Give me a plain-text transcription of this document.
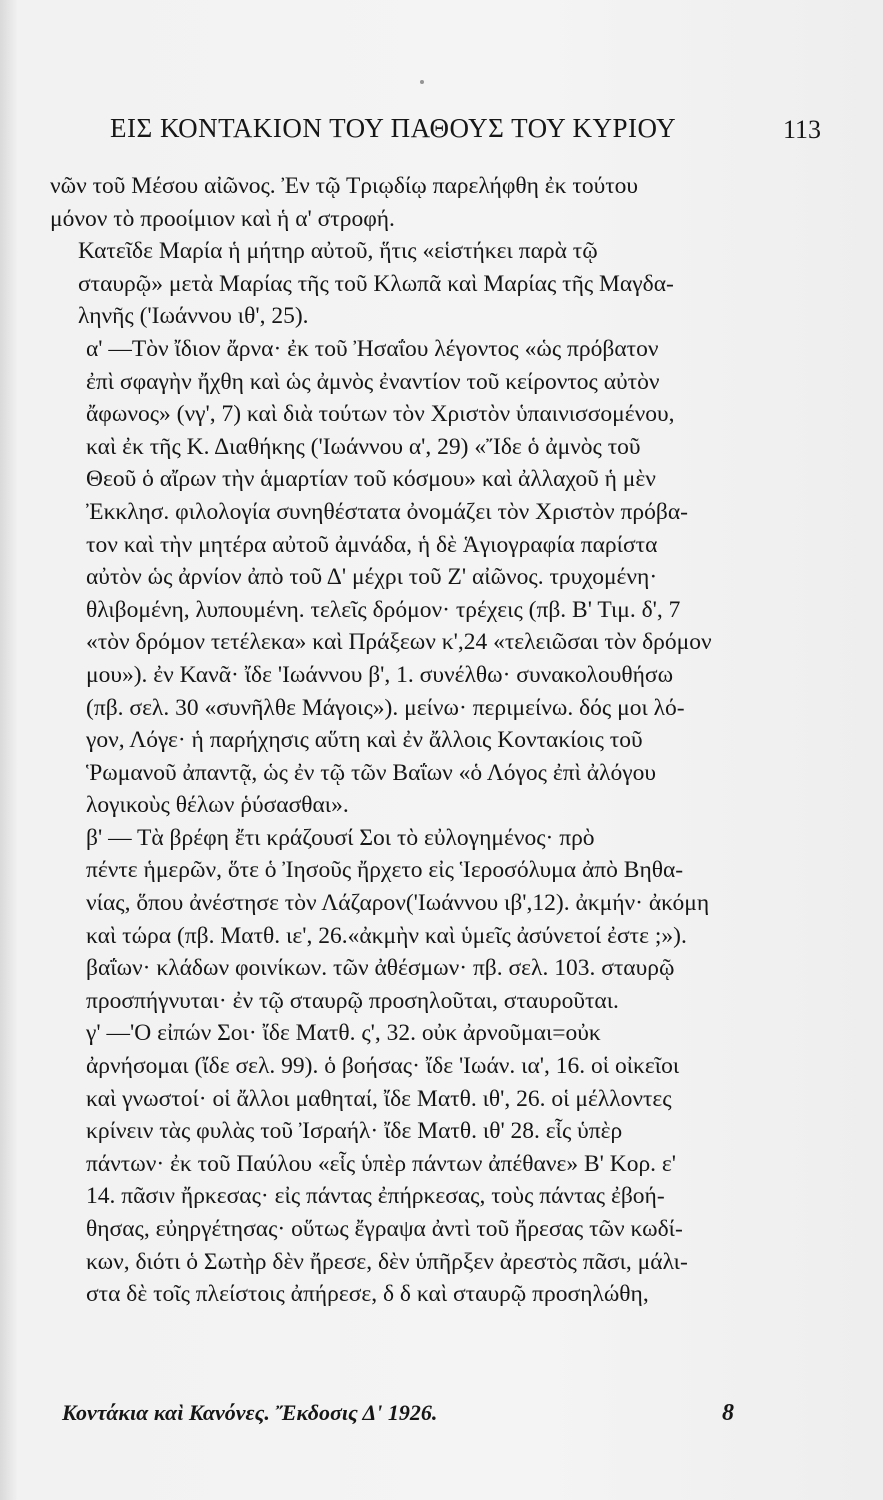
ΕΙΣ ΚΟΝΤΑΚΙΟΝ ΤΟΥ ΠΑΘΟΥΣ ΤΟΥ ΚΥΡΙΟΥ	113

νῶν τοῦ Μέσου αἰῶνος. Ἐν τῷ Τριῳδίῳ παρελήφθη ἐκ τούτου
μόνον τὸ προοίμιον καὶ ἡ α' στροφή.

Κατεῖδε Μαρία ἡ μήτηρ αὐτοῦ, ἥτις «εἱστήκει παρὰ τῷ
σταυρῷ» μετὰ Μαρίας τῆς τοῦ Κλωπᾶ καὶ Μαρίας τῆς Μαγδα-
ληνῆς ('Ιωάννου ιθ', 25).

α' —Τὸν ἴδιον ἄρνα· ἐκ τοῦ Ἠσαΐου λέγοντος «ὡς πρόβατον
ἐπὶ σφαγὴν ἤχθη καὶ ὡς ἀμνὸς ἐναντίον τοῦ κείροντος αὐτὸν
ἄφωνος» (νγ', 7) καὶ διὰ τούτων τὸν Χριστὸν ὑπαινισσομένου,
καὶ ἐκ τῆς Κ. Διαθήκης ('Ιωάννου α', 29) «Ἴδε ὁ ἀμνὸς τοῦ
Θεοῦ ὁ αἴρων τὴν ἁμαρτίαν τοῦ κόσμου» καὶ ἀλλαχοῦ ἡ μὲν
Ἐκκλησ. φιλολογία συνηθέστατα ὀνομάζει τὸν Χριστὸν πρόβα-
τον καὶ τὴν μητέρα αὐτοῦ ἀμνάδα, ἡ δὲ Ἁγιογραφία παρίστα
αὐτὸν ὡς ἀρνίον ἀπὸ τοῦ Δ' μέχρι τοῦ Ζ' αἰῶνος. τρυχομένη·
θλιβομένη, λυπουμένη. τελεῖς δρόμον· τρέχεις (πβ. Β' Τιμ. δ', 7
«τὸν δρόμον τετέλεκα» καὶ Πράξεων κ',24 «τελειῶσαι τὸν δρόμον
μου»). ἐν Κανᾶ· ἴδε 'Ιωάννου β', 1. συνέλθω· συνακολουθήσω
(πβ. σελ. 30 «συνῆλθε Μάγοις»). μείνω· περιμείνω. δός μοι λό-
γον, Λόγε· ἡ παρήχησις αὕτη καὶ ἐν ἄλλοις Κοντακίοις τοῦ
Ῥωμανοῦ ἀπαντᾷ, ὡς ἐν τῷ τῶν Βαΐων «ὁ Λόγος ἐπὶ ἀλόγου
λογικοὺς θέλων ῥύσασθαι».

β' — Τὰ βρέφη ἔτι κράζουσί Σοι τὸ εὐλογημένος· πρὸ
πέντε ἡμερῶν, ὅτε ὁ Ἰησοῦς ἤρχετο εἰς Ἱεροσόλυμα ἀπὸ Βηθα-
νίας, ὅπου ἀνέστησε τὸν Λάζαρον('Ιωάννου ιβ',12). ἀκμήν· ἀκόμη
καὶ τώρα (πβ. Ματθ. ιε', 26.«ἀκμὴν καὶ ὑμεῖς ἀσύνετοί ἐστε ;»).
βαΐων· κλάδων φοινίκων. τῶν ἀθέσμων· πβ. σελ. 103. σταυρῷ
προσπήγνυται· ἐν τῷ σταυρῷ προσηλοῦται, σταυροῦται.

γ' —'Ο εἰπών Σοι· ἴδε Ματθ. ς', 32. οὐκ ἀρνοῦμαι=οὐκ
ἀρνήσομαι (ἴδε σελ. 99). ὁ βοήσας· ἴδε 'Ιωάν. ια', 16. οἱ οἰκεῖοι
καὶ γνωστοί· οἱ ἄλλοι μαθηταί, ἴδε Ματθ. ιθ', 26. οἱ μέλλοντες
κρίνειν τὰς φυλὰς τοῦ Ἰσραήλ· ἴδε Ματθ. ιθ' 28. εἷς ὑπὲρ
πάντων· ἐκ τοῦ Παύλου «εἷς ὑπὲρ πάντων ἀπέθανε» Β' Κορ. ε'
14. πᾶσιν ἤρκεσας· εἰς πάντας ἐπήρκεσας, τοὺς πάντας ἐβοή-
θησας, εὐηργέτησας· οὕτως ἔγραψα ἀντὶ τοῦ ἤρεσας τῶν κωδί-
κων, διότι ὁ Σωτὴρ δὲν ἤρεσε, δὲν ὑπῆρξεν ἀρεστὸς πᾶσι, μάλι-
στα δὲ τοῖς πλείστοις ἀπήρεσε, δ δ καὶ σταυρῷ προσηλώθη,

Κοντάκια καὶ Κανόνες. Ἔκδοσις Δ' 1926.	8
